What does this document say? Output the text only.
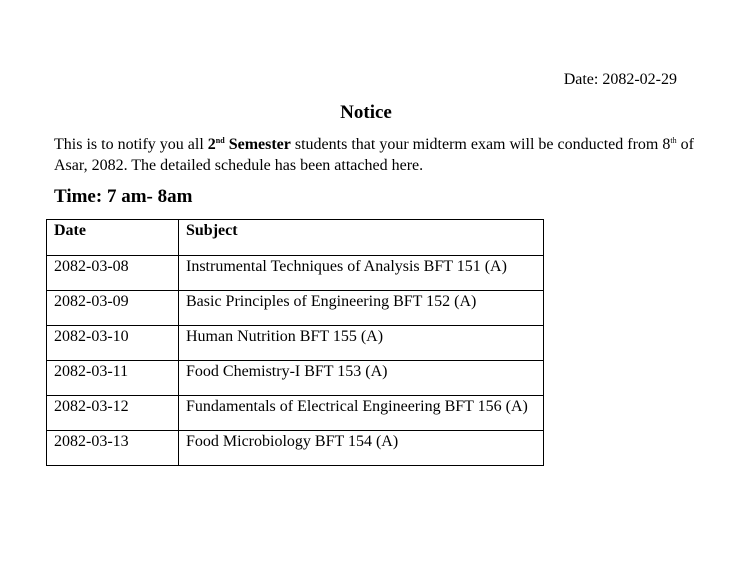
Date: 2082-02-29
Notice
This is to notify you all 2nd Semester students that your midterm exam will be conducted from 8th of Asar, 2082. The detailed schedule has been attached here.
Time: 7 am- 8am
Date	Subject
2082-03-08	Instrumental Techniques of Analysis BFT 151 (A)
2082-03-09	Basic Principles of Engineering BFT 152 (A)
2082-03-10	Human Nutrition BFT 155 (A)
2082-03-11	Food Chemistry-I BFT 153 (A)
2082-03-12	Fundamentals of Electrical Engineering BFT 156 (A)
2082-03-13	Food Microbiology BFT 154 (A)
